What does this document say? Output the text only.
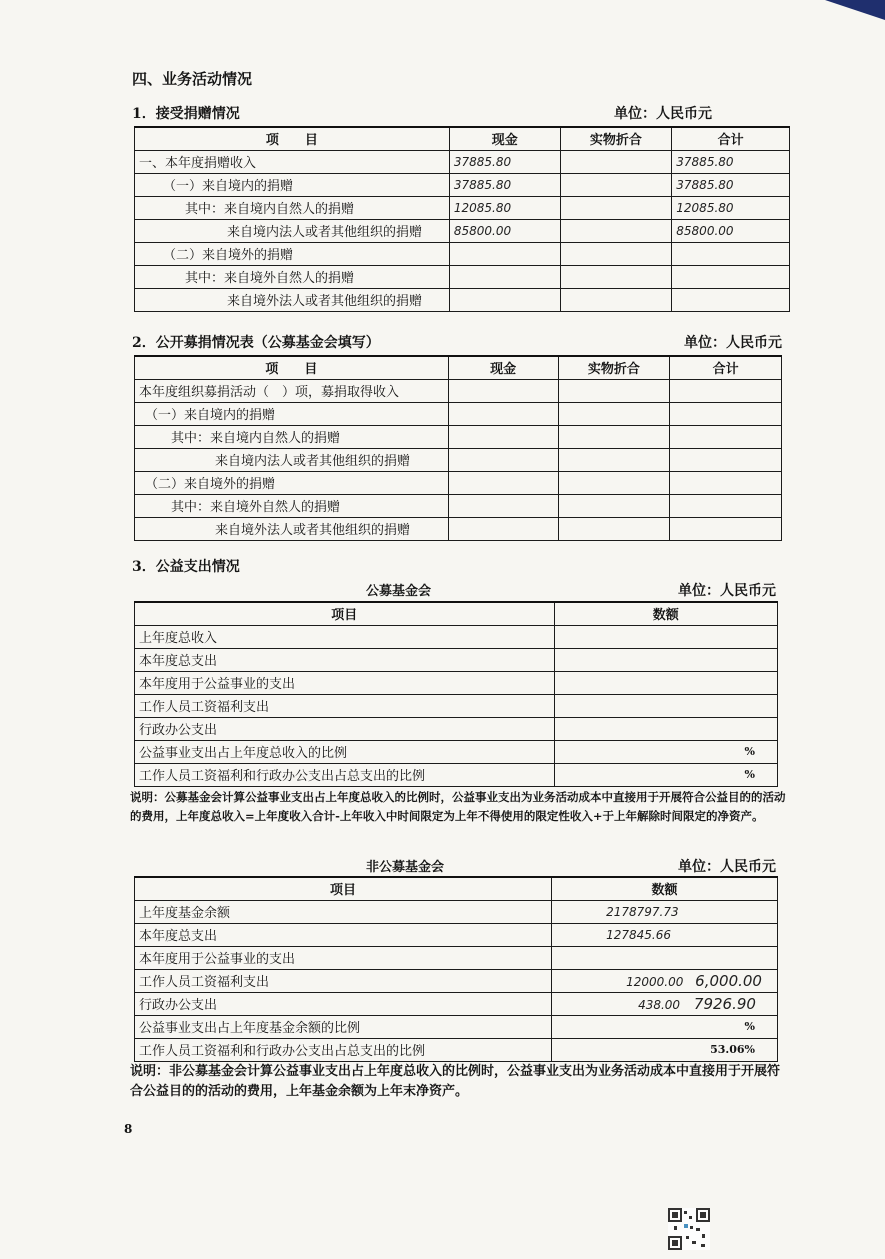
四、业务活动情况
1．接受捐赠情况	单位：人民币元
项　　目	现金	实物折合	合计
一、本年度捐赠收入	37885.80		37885.80
（一）来自境内的捐赠	37885.80		37885.80
其中：来自境内自然人的捐赠	12085.80		12085.80
来自境内法人或者其他组织的捐赠	85800.00		85800.00
（二）来自境外的捐赠			
其中：来自境外自然人的捐赠			
来自境外法人或者其他组织的捐赠			
2．公开募捐情况表（公募基金会填写）	单位：人民币元
项　　目	现金	实物折合	合计
本年度组织募捐活动（　）项，募捐取得收入			
（一）来自境内的捐赠			
其中：来自境内自然人的捐赠			
来自境内法人或者其他组织的捐赠			
（二）来自境外的捐赠			
其中：来自境外自然人的捐赠			
来自境外法人或者其他组织的捐赠			
3．公益支出情况
公募基金会	单位：人民币元
项目	数额
上年度总收入	
本年度总支出	
本年度用于公益事业的支出	
工作人员工资福利支出	
行政办公支出	
公益事业支出占上年度总收入的比例	%
工作人员工资福利和行政办公支出占总支出的比例	%
说明：公募基金会计算公益事业支出占上年度总收入的比例时，公益事业支出为业务活动成本中直接用于开展符合公益目的的活动的费用，上年度总收入=上年度收入合计-上年收入中时间限定为上年不得使用的限定性收入+于上年解除时间限定的净资产。
非公募基金会	单位：人民币元
项目	数额
上年度基金余额	2178797.73
本年度总支出	127845.66
本年度用于公益事业的支出	
工作人员工资福利支出	12000.00 6,000.00
行政办公支出	438.00 7926.90
公益事业支出占上年度基金余额的比例	%
工作人员工资福利和行政办公支出占总支出的比例	53.06%
说明：非公募基金会计算公益事业支出占上年度总收入的比例时，公益事业支出为业务活动成本中直接用于开展符合公益目的的活动的费用，上年基金余额为上年末净资产。
8
